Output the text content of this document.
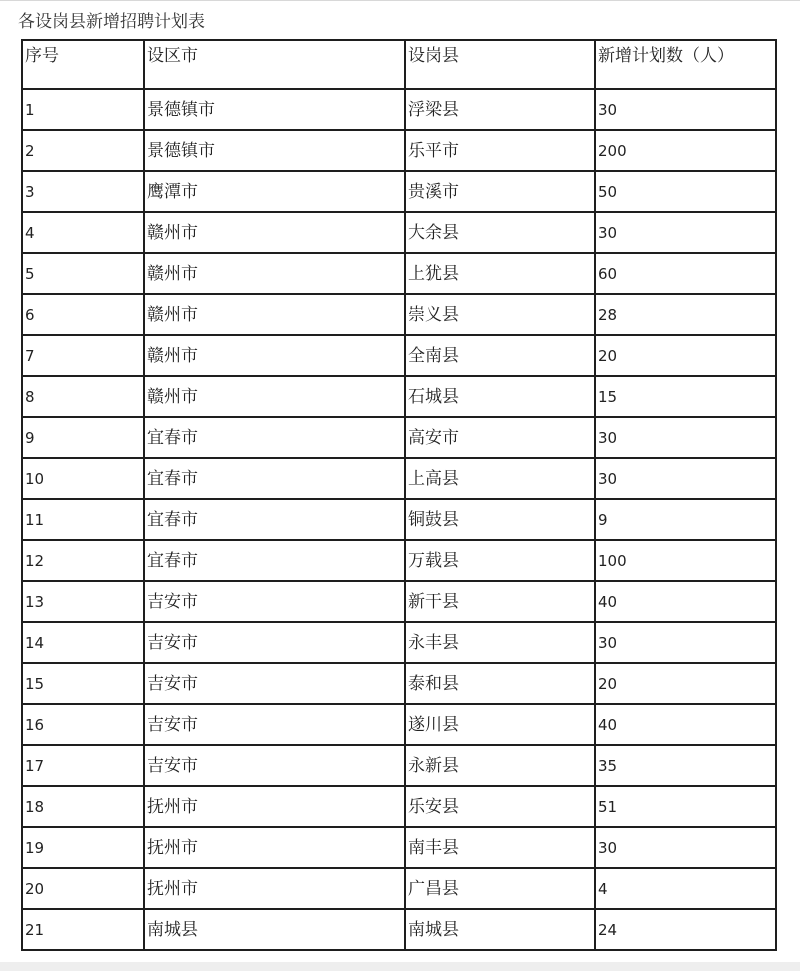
各设岗县新增招聘计划表
序号	设区市	设岗县	新增计划数（人）
1	景德镇市	浮梁县	30
2	景德镇市	乐平市	200
3	鹰潭市	贵溪市	50
4	赣州市	大余县	30
5	赣州市	上犹县	60
6	赣州市	崇义县	28
7	赣州市	全南县	20
8	赣州市	石城县	15
9	宜春市	高安市	30
10	宜春市	上高县	30
11	宜春市	铜鼓县	9
12	宜春市	万载县	100
13	吉安市	新干县	40
14	吉安市	永丰县	30
15	吉安市	泰和县	20
16	吉安市	遂川县	40
17	吉安市	永新县	35
18	抚州市	乐安县	51
19	抚州市	南丰县	30
20	抚州市	广昌县	4
21	南城县	南城县	24
